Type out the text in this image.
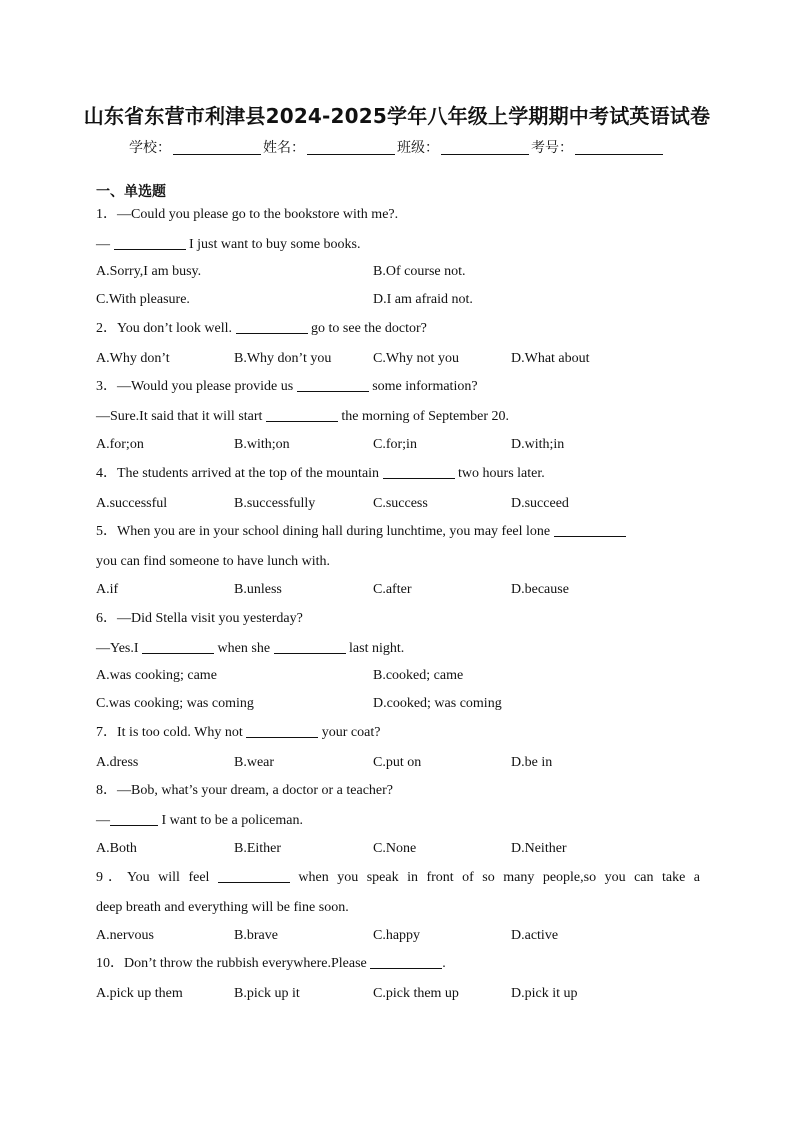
山东省东营市利津县2024-2025学年八年级上学期期中考试英语试卷
学校：	姓名：	班级：	考号：
一、单选题
1．—Could you please go to the bookstore with me?.
—	I just want to buy some books.
A.Sorry,I am busy.	B.Of course not.
C.With pleasure.	D.I am afraid not.
2．You don’t look well.	go to see the doctor?
A.Why don’t	B.Why don’t you	C.Why not you	D.What about
3．—Would you please provide us	some information?
—Sure.It said that it will start	the morning of September 20.
A.for;on	B.with;on	C.for;in	D.with;in
4．The students arrived at the top of the mountain	two hours later.
A.successful	B.successfully	C.success	D.succeed
5．When you are in your school dining hall during lunchtime, you may feel lone
you can find someone to have lunch with.
A.if	B.unless	C.after	D.because
6．—Did Stella visit you yesterday?
—Yes.I	when she	last night.
A.was cooking; came	B.cooked; came
C.was cooking; was coming	D.cooked; was coming
7．It is too cold. Why not	your coat?
A.dress	B.wear	C.put on	D.be in
8．—Bob, what’s your dream, a doctor or a teacher?
—	I want to be a policeman.
A.Both	B.Either	C.None	D.Neither
9．You will feel	when you speak in front of so many people,so you can take a
deep breath and everything will be fine soon.
A.nervous	B.brave	C.happy	D.active
10．Don’t throw the rubbish everywhere.Please	.
A.pick up them	B.pick up it	C.pick them up	D.pick it up
